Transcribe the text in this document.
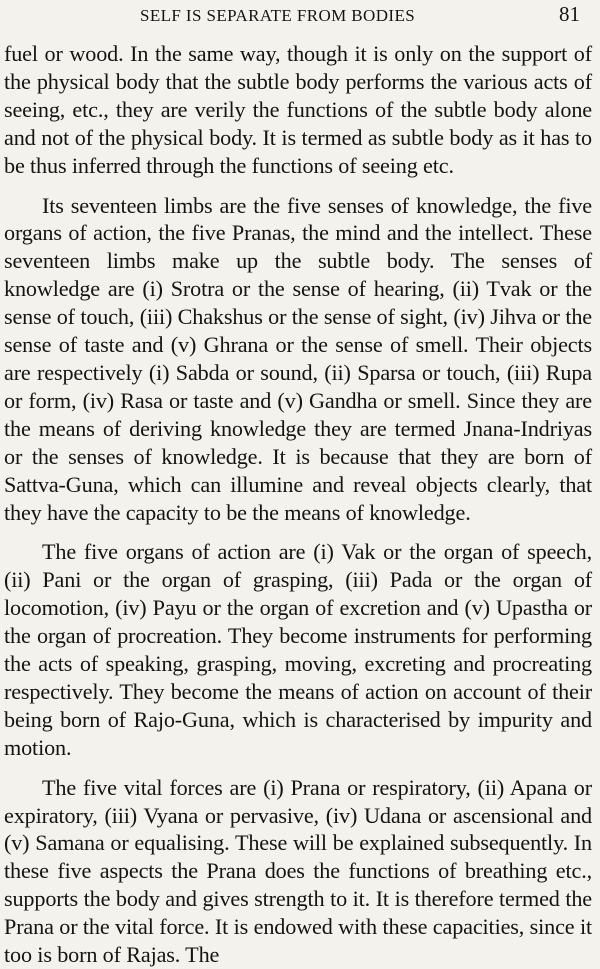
SELF IS SEPARATE FROM BODIES	81

fuel or wood. In the same way, though it is only on the support of the physical body that the subtle body performs the various acts of seeing, etc., they are verily the functions of the subtle body alone and not of the physical body. It is termed as subtle body as it has to be thus inferred through the functions of seeing etc.

Its seventeen limbs are the five senses of knowledge, the five organs of action, the five Pranas, the mind and the intellect. These seventeen limbs make up the subtle body. The senses of knowledge are (i) Srotra or the sense of hearing, (ii) Tvak or the sense of touch, (iii) Chakshus or the sense of sight, (iv) Jihva or the sense of taste and (v) Ghrana or the sense of smell. Their objects are respectively (i) Sabda or sound, (ii) Sparsa or touch, (iii) Rupa or form, (iv) Rasa or taste and (v) Gandha or smell. Since they are the means of deriving knowledge they are termed Jnana-Indriyas or the senses of knowledge. It is because that they are born of Sattva-Guna, which can illumine and reveal objects clearly, that they have the capacity to be the means of knowledge.

The five organs of action are (i) Vak or the organ of speech, (ii) Pani or the organ of grasping, (iii) Pada or the organ of locomotion, (iv) Payu or the organ of excretion and (v) Upastha or the organ of procreation. They become instruments for performing the acts of speaking, grasping, moving, excreting and procreating respectively. They become the means of action on account of their being born of Rajo-Guna, which is characterised by impurity and motion.

The five vital forces are (i) Prana or respiratory, (ii) Apana or expiratory, (iii) Vyana or pervasive, (iv) Udana or ascensional and (v) Samana or equalising. These will be explained subsequently. In these five aspects the Prana does the functions of breathing etc., supports the body and gives strength to it. It is therefore termed the Prana or the vital force. It is endowed with these capacities, since it too is born of Rajas. The
